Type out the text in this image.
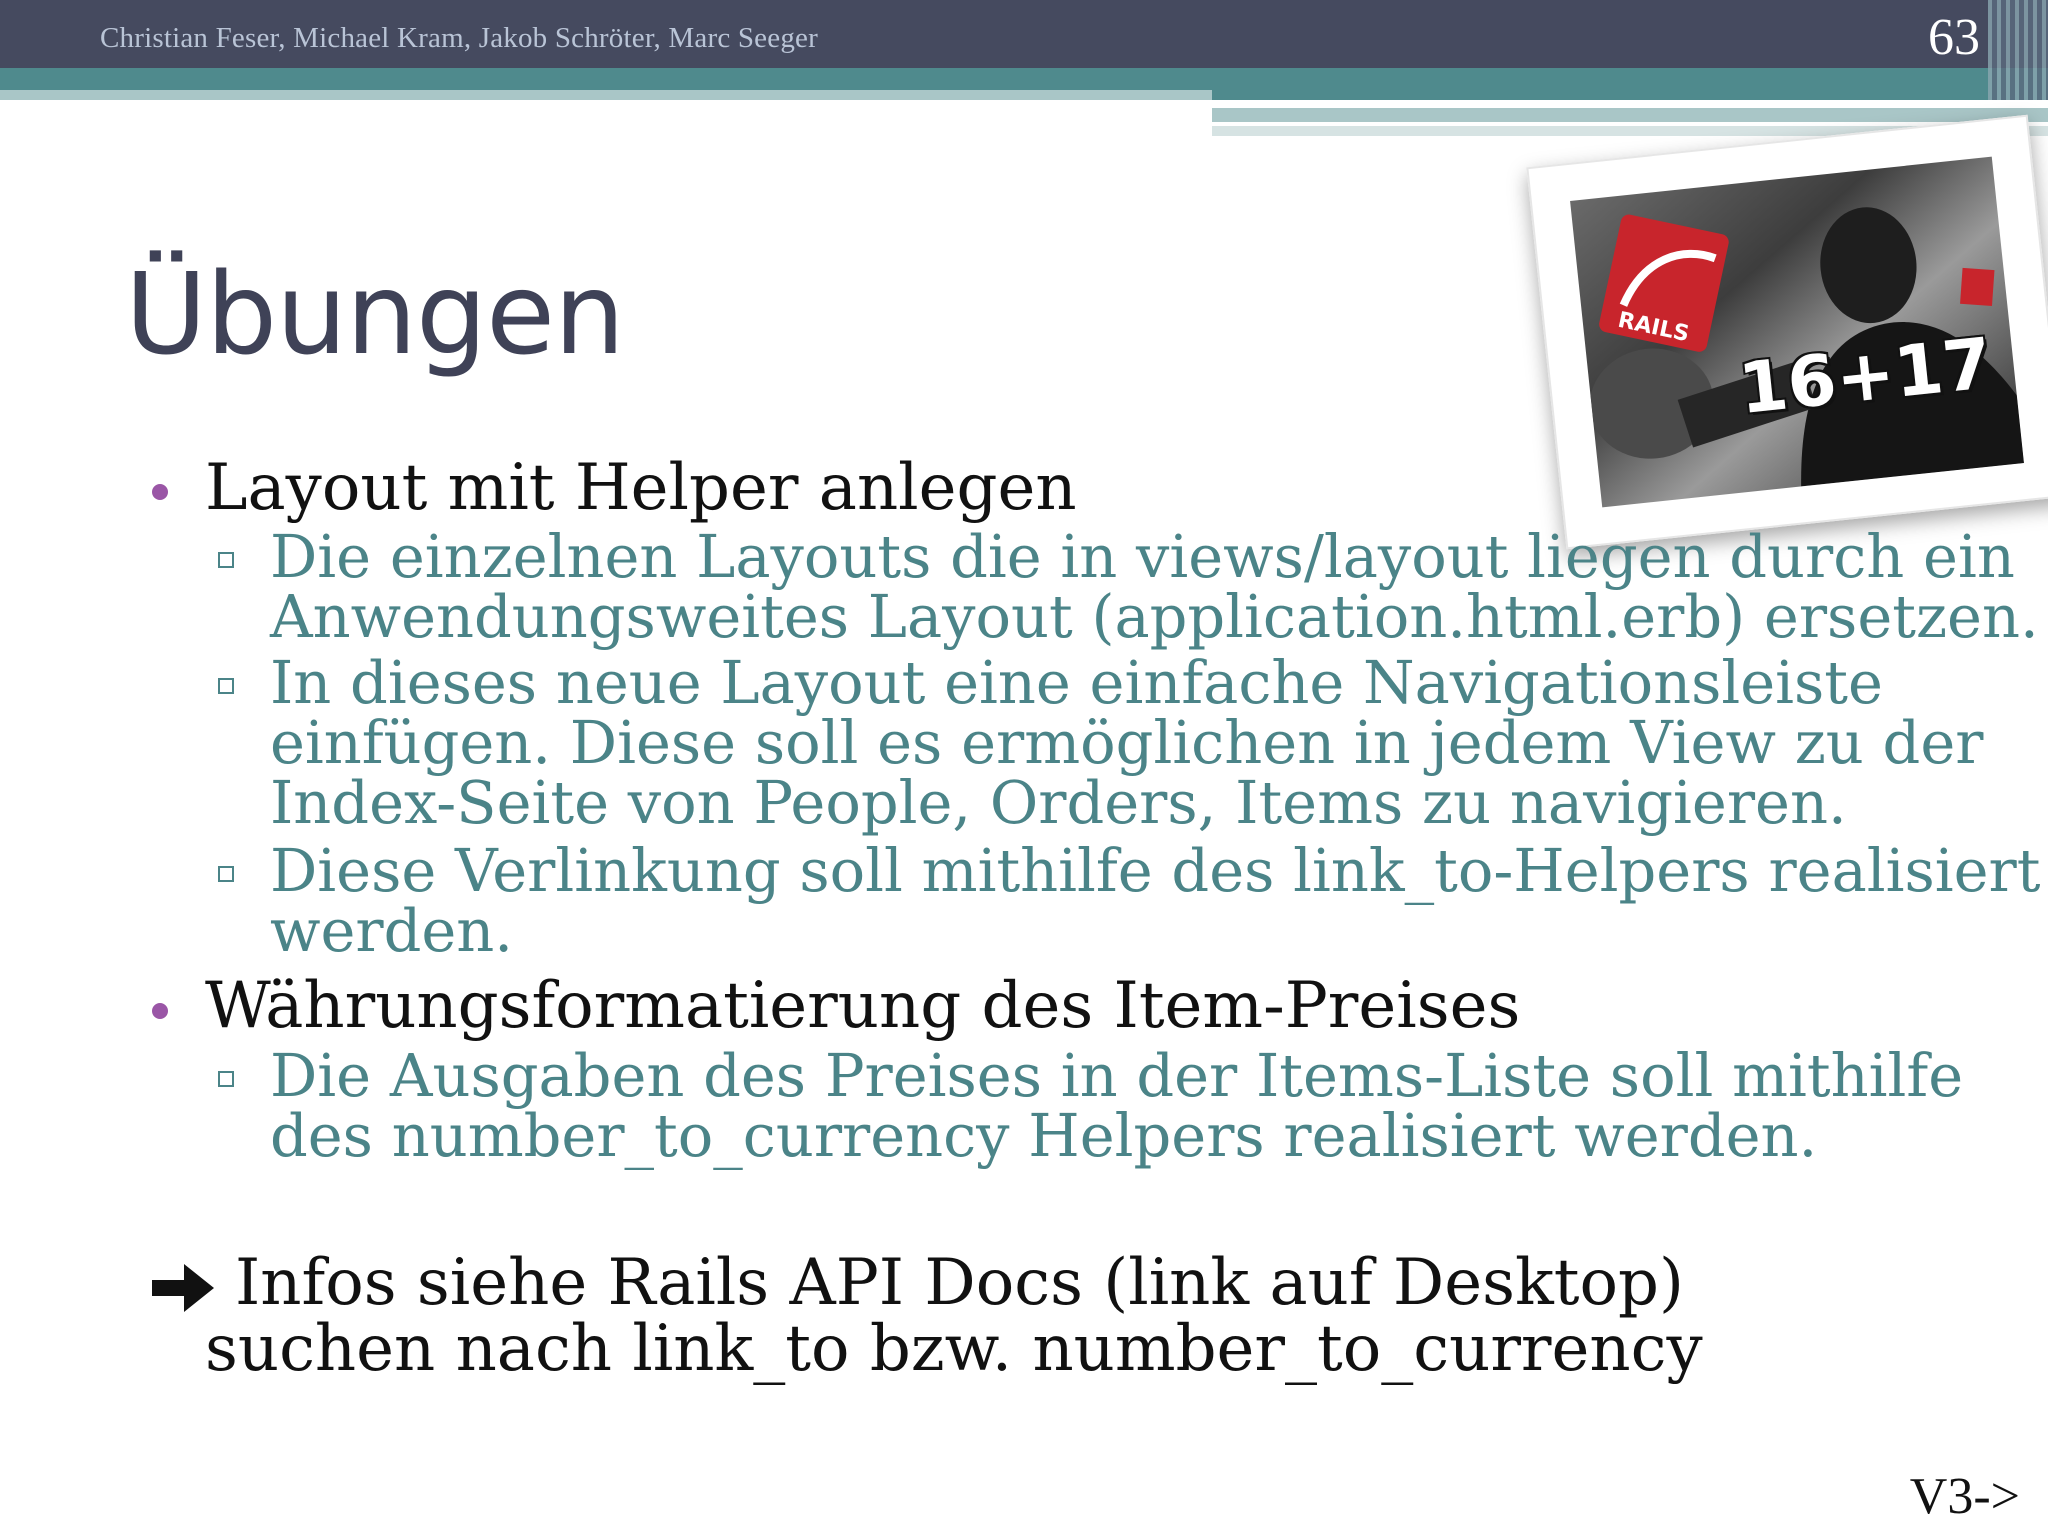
Christian Feser, Michael Kram, Jakob Schröter, Marc Seeger	63
Übungen	RAILS 16+17
Layout mit Helper anlegen
Die einzelnen Layouts die in views/layout liegen durch ein
Anwendungsweites Layout (application.html.erb) ersetzen.
In dieses neue Layout eine einfache Navigationsleiste
einfügen. Diese soll es ermöglichen in jedem View zu der
Index-Seite von People, Orders, Items zu navigieren.
Diese Verlinkung soll mithilfe des link_to-Helpers realisiert
werden.
Währungsformatierung des Item-Preises
Die Ausgaben des Preises in der Items-Liste soll mithilfe
des number_to_currency Helpers realisiert werden.
Infos siehe Rails API Docs (link auf Desktop)
suchen nach link_to bzw. number_to_currency
V3->
